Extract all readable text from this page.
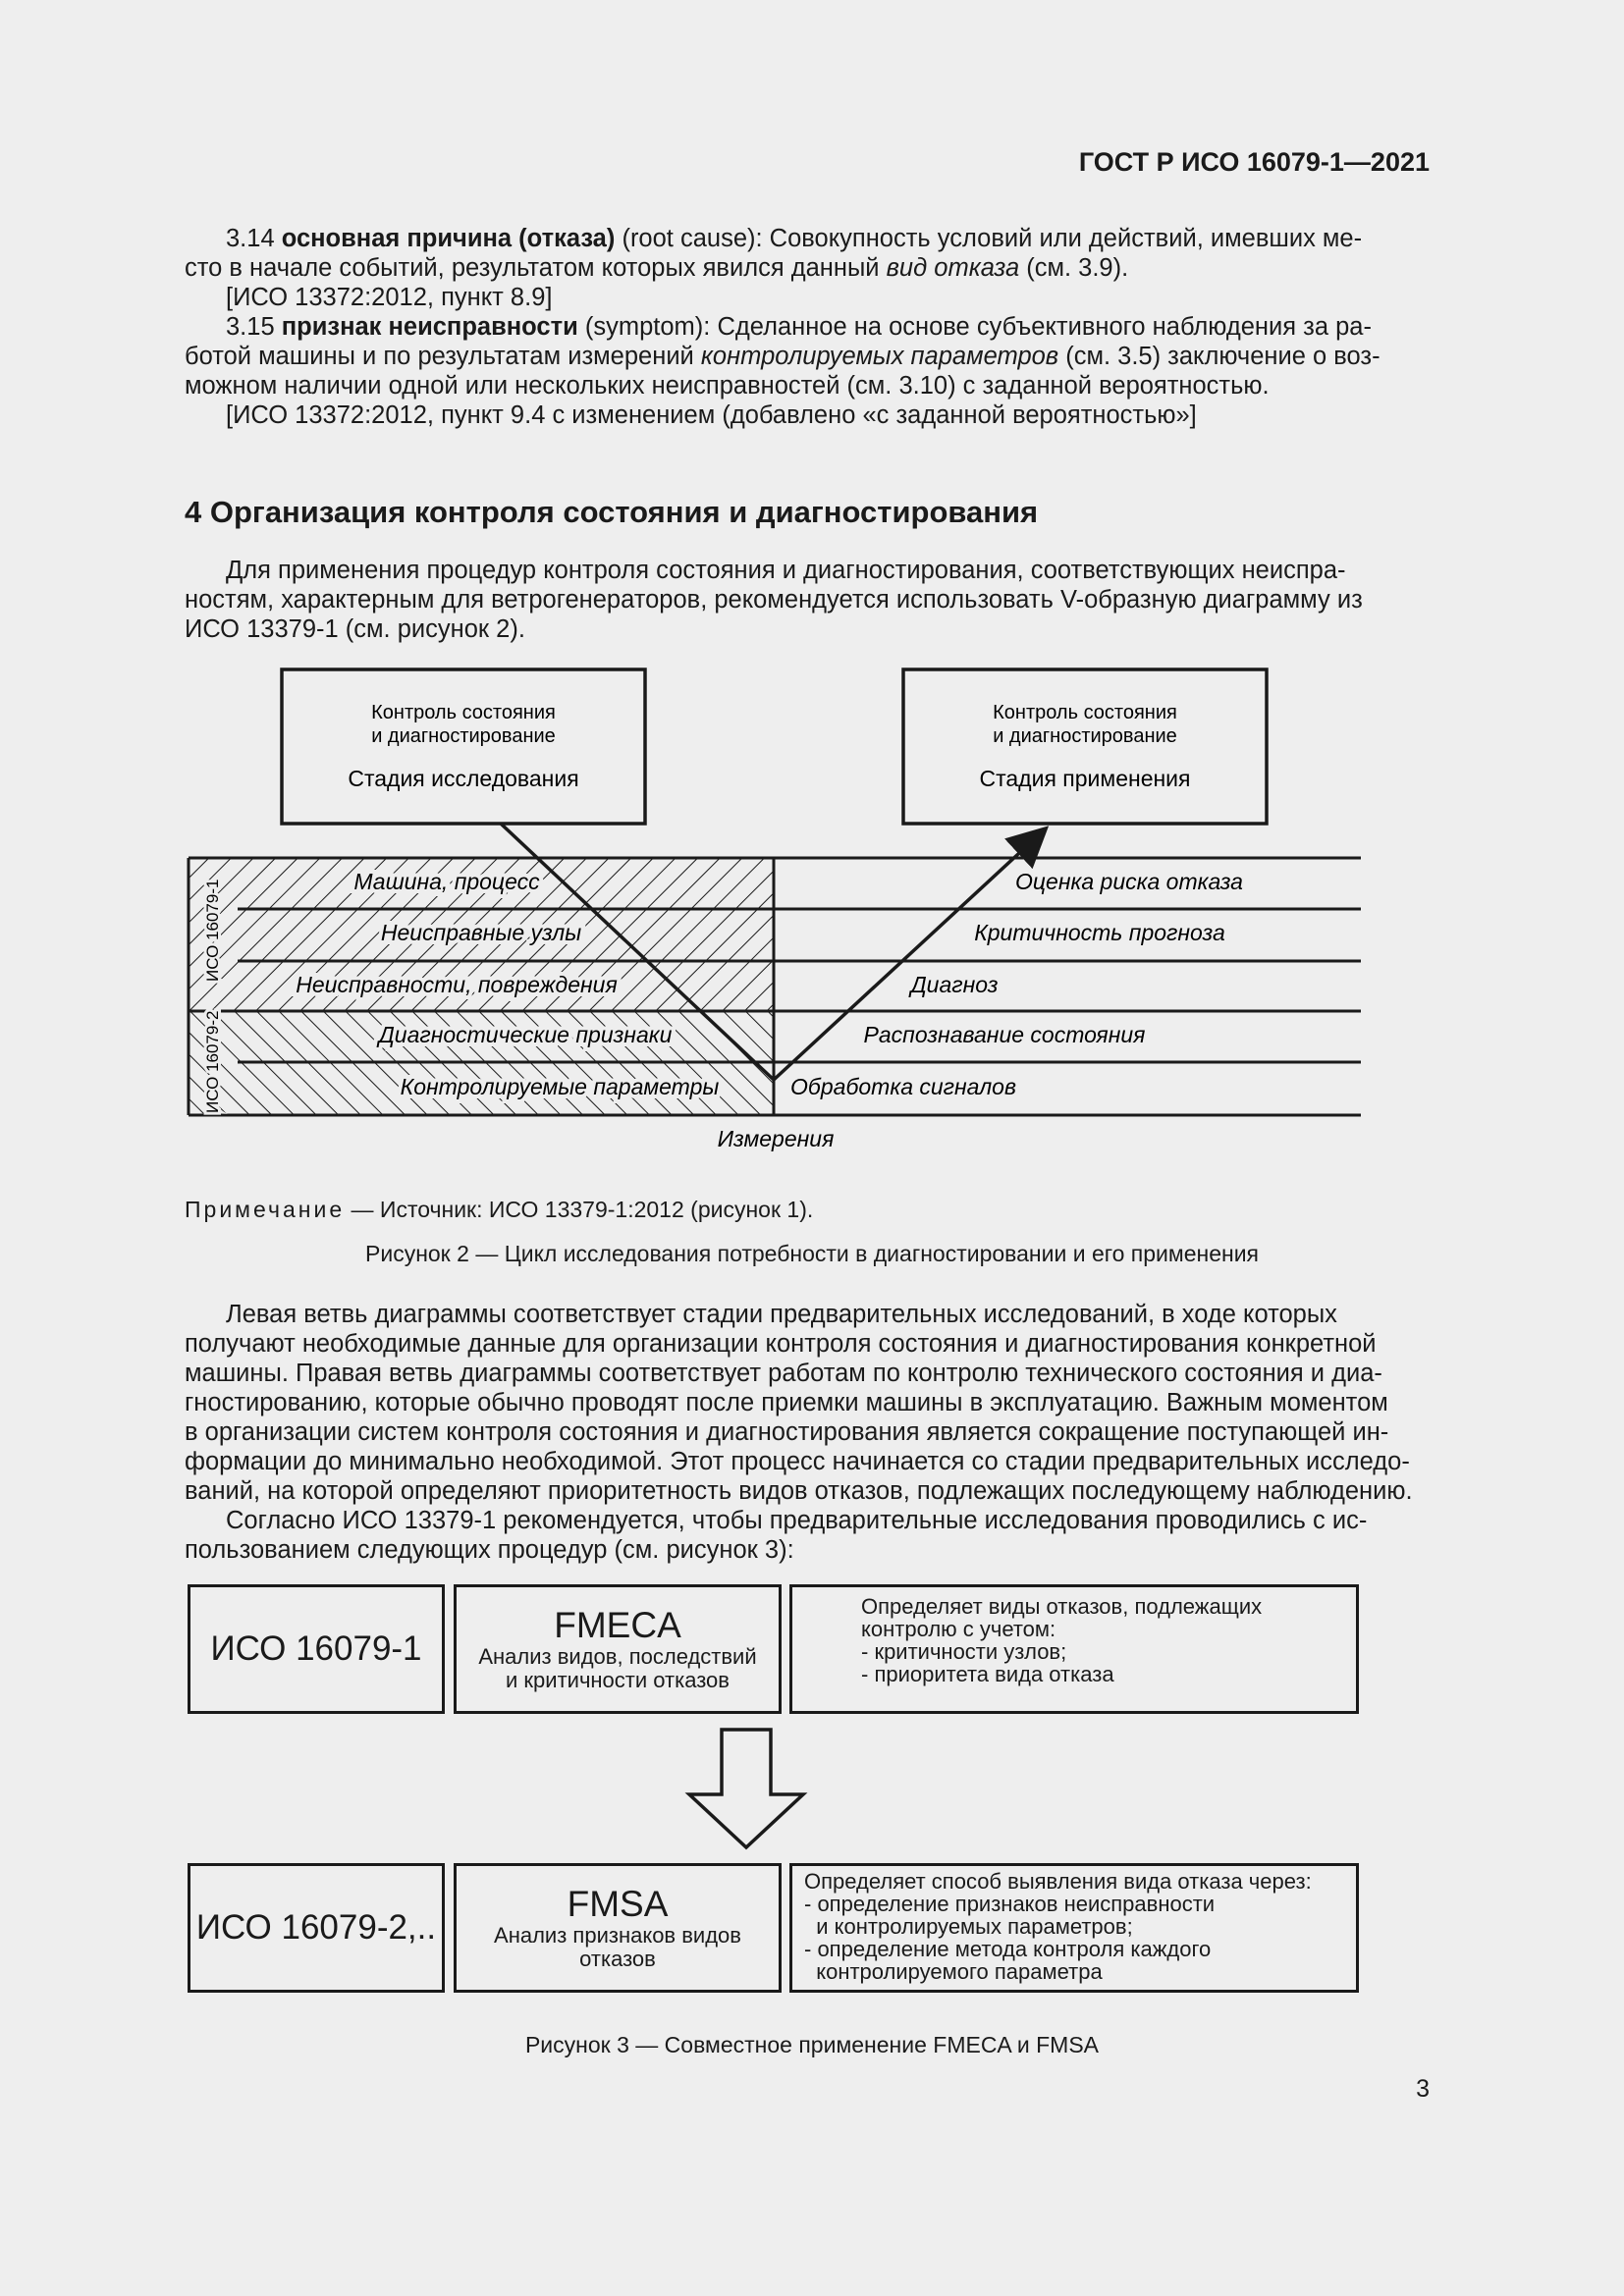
ГОСТ Р ИСО 16079-1—2021
3.14 основная причина (отказа) (root cause): Совокупность условий или действий, имевших ме-
сто в начале событий, результатом которых явился данный вид отказа (см. 3.9).
[ИСО 13372:2012, пункт 8.9]
3.15 признак неисправности (symptom): Сделанное на основе субъективного наблюдения за ра-
ботой машины и по результатам измерений контролируемых параметров (см. 3.5) заключение о воз-
можном наличии одной или нескольких неисправностей (см. 3.10) с заданной вероятностью.
[ИСО 13372:2012, пункт 9.4 с изменением (добавлено «с заданной вероятностью»]
4 Организация контроля состояния и диагностирования
Для применения процедур контроля состояния и диагностирования, соответствующих неиспра-
ностям, характерным для ветрогенераторов, рекомендуется использовать V-образную диаграмму из
ИСО 13379-1 (см. рисунок 2).
Контроль состояния
и диагностирование
Стадия исследования
Контроль состояния
и диагностирование
Стадия применения
Машина, процесс
Неисправные узлы
Неисправности, повреждения
Диагностические признаки
Контролируемые параметры
Оценка риска отказа
Критичность прогноза
Диагноз
Распознавание состояния
Обработка сигналов
ИСО 16079-1
ИСО 16079-2
Измерения
Примечание — Источник: ИСО 13379-1:2012 (рисунок 1).
Рисунок 2 — Цикл исследования потребности в диагностировании и его применения
Левая ветвь диаграммы соответствует стадии предварительных исследований, в ходе которых
получают необходимые данные для организации контроля состояния и диагностирования конкретной
машины. Правая ветвь диаграммы соответствует работам по контролю технического состояния и диа-
гностированию, которые обычно проводят после приемки машины в эксплуатацию. Важным моментом
в организации систем контроля состояния и диагностирования является сокращение поступающей ин-
формации до минимально необходимой. Этот процесс начинается со стадии предварительных исследо-
ваний, на которой определяют приоритетность видов отказов, подлежащих последующему наблюдению.
Согласно ИСО 13379-1 рекомендуется, чтобы предварительные исследования проводились с ис-
пользованием следующих процедур (см. рисунок 3):
ИСО 16079-1
FMECA
Анализ видов, последствий
и критичности отказов
Определяет виды отказов, подлежащих
контролю с учетом:
- критичности узлов;
- приоритета вида отказа
ИСО 16079-2,..
FMSA
Анализ признаков видов
отказов
Определяет способ выявления вида отказа через:
- определение признаков неисправности
и контролируемых параметров;
- определение метода контроля каждого
контролируемого параметра
Рисунок 3 — Совместное применение FMECA и FMSA
3
